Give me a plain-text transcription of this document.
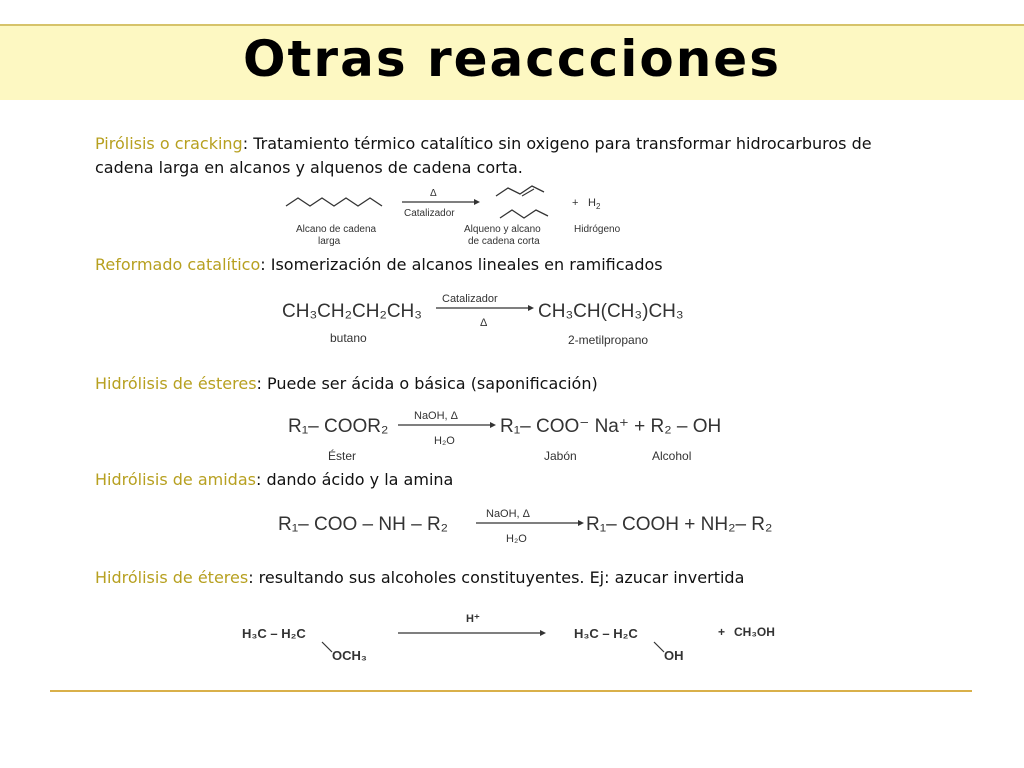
Otras reaccciones
Pirólisis o cracking: Tratamiento térmico catalítico sin oxigeno para transformar hidrocarburos de cadena larga en alcanos y alquenos de cadena corta.
Alcano de cadena
larga
Δ
Catalizador
Alqueno y alcano
de cadena corta
+ $H_2$
Hidrógeno
Reformado catalítico: Isomerización de alcanos lineales en ramificados
CH₃CH₂CH₂CH₃
Catalizador
Δ
CH₃CH(CH₃)CH₃
butano	2-metilpropano
Hidrólisis de ésteres: Puede ser ácida o básica (saponificación)
R₁– COOR₂ NaOH, Δ
H₂O
R₁– COO⁻ Na⁺ + R₂ – OH
Éster	Jabón	Alcohol
Hidrólisis de amidas: dando ácido y la amina
R₁– COO – NH – R₂	NaOH, Δ
H₂O
R₁– COOH + NH₂– R₂
Hidrólisis de éteres: resultando sus alcoholes constituyentes. Ej: azucar invertida
H₃C – H₂C
OCH₃
H⁺
H₃C – H₂C
OH
+ CH₃OH
